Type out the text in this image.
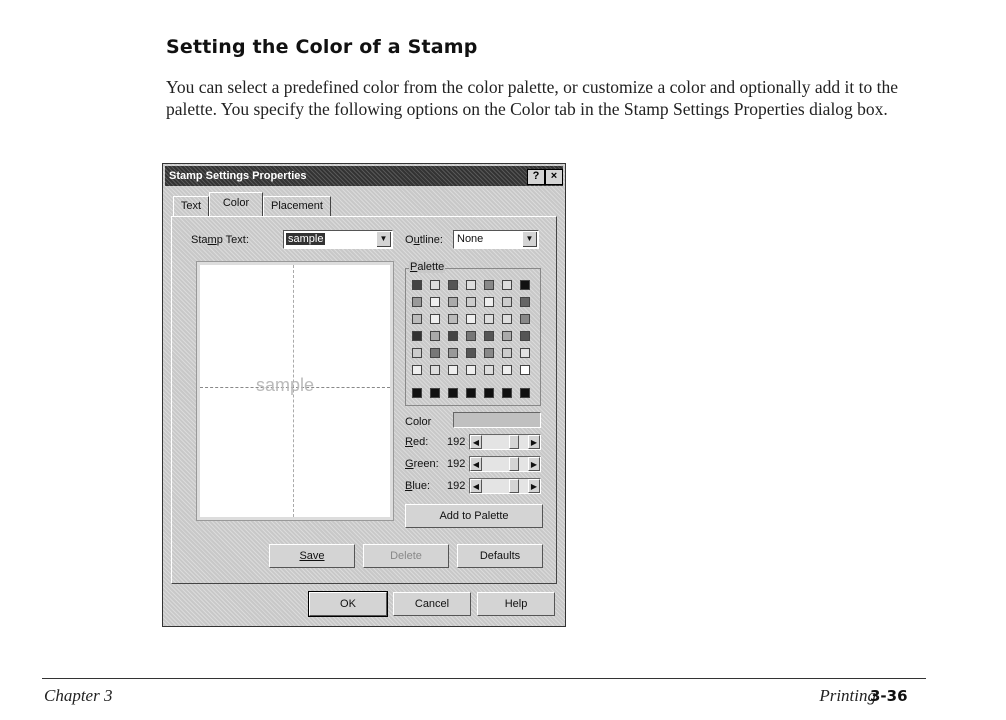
Setting the Color of a Stamp
You can select a predefined color from the color palette, or customize a color and optionally add it to the palette. You specify the following options on the Color tab in the Stamp Settings Properties dialog box.
Stamp Settings Properties	?	×
Text	Color	Placement
Stamp Text:	sample	▼	Outline: None	▼
sample
Palette
Color
Red: 192 ◀	▶
Green: 192 ◀	▶
Blue: 192 ◀	▶
Add to Palette
Save	Delete	Defaults
OK	Cancel	Help
Chapter 3	Printing
3-36
